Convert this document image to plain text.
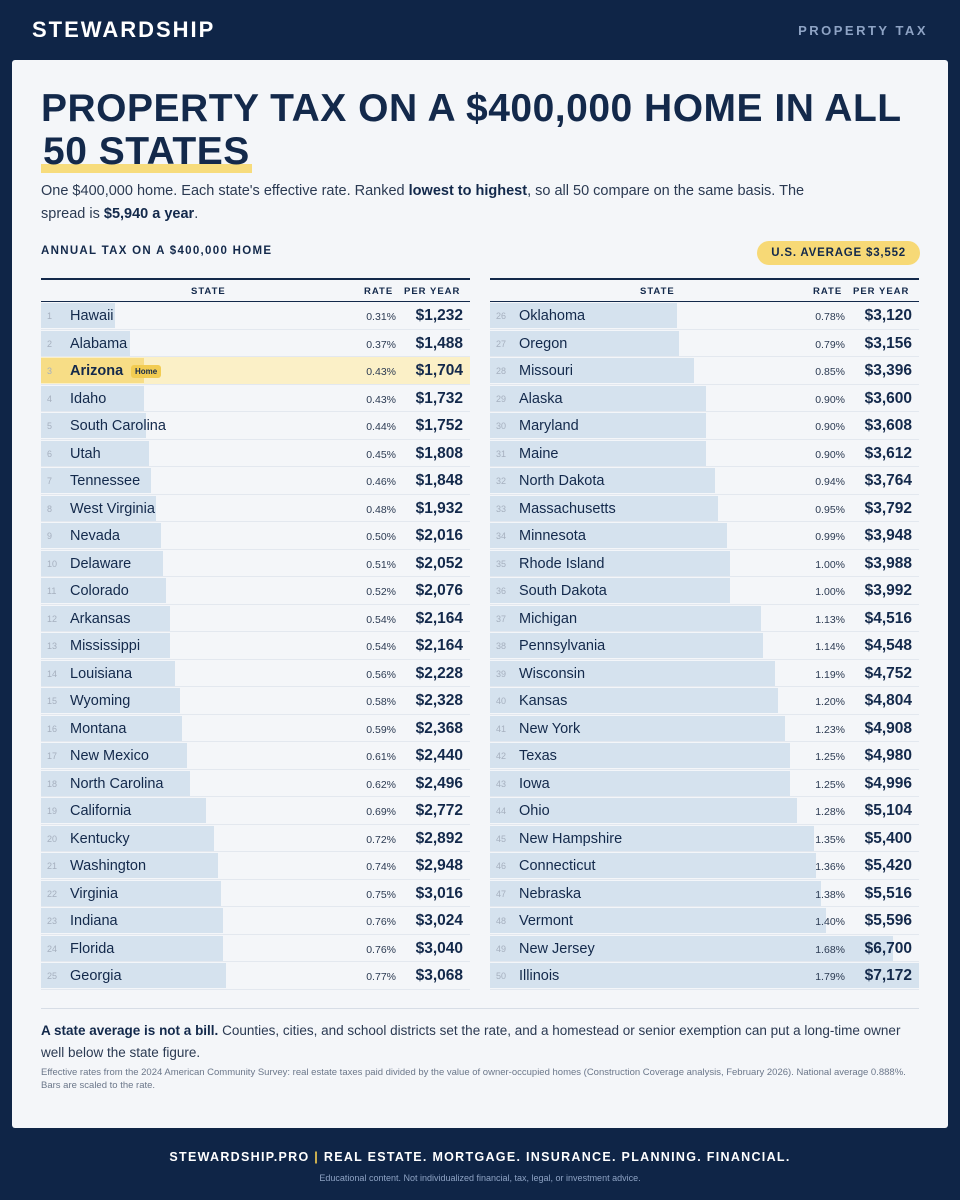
STEWARDSHIP	PROPERTY TAX
PROPERTY TAX ON A $400,000 HOME IN ALL 50 STATES

One $400,000 home. Each state's effective rate. Ranked lowest to highest, so all 50 compare on the same basis. The spread is $5,940 a year.

ANNUAL TAX ON A $400,000 HOME	U.S. AVERAGE $3,552
STATE	RATE PER YEAR
1	Hawaii	0.31% $1,232
2	Alabama	0.37% $1,488
3	Arizona	Home	0.43% $1,704
4	Idaho	0.43% $1,732
5	South Carolina	0.44% $1,752
6	Utah	0.45% $1,808
7	Tennessee	0.46% $1,848
8	West Virginia	0.48% $1,932
9	Nevada	0.50% $2,016
10 Delaware	0.51% $2,052
11 Colorado	0.52% $2,076
12 Arkansas	0.54% $2,164
13 Mississippi	0.54% $2,164
14 Louisiana	0.56% $2,228
15 Wyoming	0.58% $2,328
16 Montana	0.59% $2,368
17 New Mexico	0.61% $2,440
18 North Carolina	0.62% $2,496
19 California	0.69% $2,772
20 Kentucky	0.72% $2,892
21 Washington	0.74% $2,948
22 Virginia	0.75% $3,016
23 Indiana	0.76% $3,024
24 Florida	0.76% $3,040
25 Georgia	0.77% $3,068
STATE	RATE PER YEAR
26 Oklahoma	0.78% $3,120
27 Oregon	0.79% $3,156
28 Missouri	0.85% $3,396
29 Alaska	0.90% $3,600
30 Maryland	0.90% $3,608
31 Maine	0.90% $3,612
32 North Dakota	0.94% $3,764
33 Massachusetts	0.95% $3,792
34 Minnesota	0.99% $3,948
35 Rhode Island	1.00% $3,988
36 South Dakota	1.00% $3,992
37 Michigan	1.13% $4,516
38 Pennsylvania	1.14% $4,548
39 Wisconsin	1.19% $4,752
40 Kansas	1.20% $4,804
41 New York	1.23% $4,908
42 Texas	1.25% $4,980
43 Iowa	1.25% $4,996
44 Ohio	1.28% $5,104
45 New Hampshire	1.35% $5,400
46 Connecticut	1.36% $5,420
47 Nebraska	1.38% $5,516
48 Vermont	1.40% $5,596
49 New Jersey	1.68% $6,700
50 Illinois	1.79% $7,172

A state average is not a bill. Counties, cities, and school districts set the rate, and a homestead or senior exemption can put a long-time owner well below the state figure.

Effective rates from the 2024 American Community Survey: real estate taxes paid divided by the value of owner-occupied homes (Construction Coverage analysis, February 2026). National average 0.888%. Bars are scaled to the rate.

STEWARDSHIP.PRO | REAL ESTATE. MORTGAGE. INSURANCE. PLANNING. FINANCIAL.
Educational content. Not individualized financial, tax, legal, or investment advice.
